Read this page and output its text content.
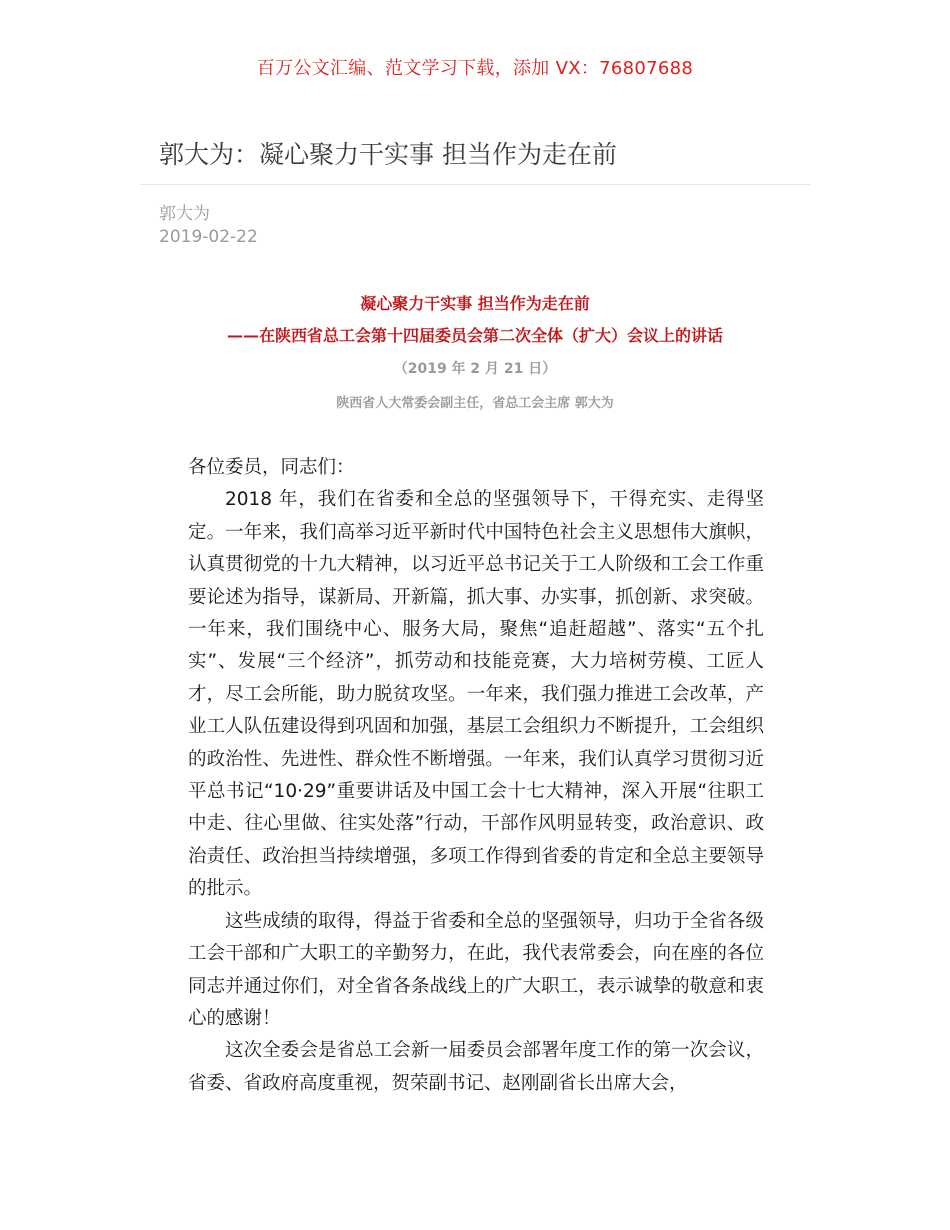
百万公文汇编、范文学习下载，添加 VX：76807688
郭大为：凝心聚力干实事 担当作为走在前
郭大为
2019-02-22
凝心聚力干实事 担当作为走在前
——在陕西省总工会第十四届委员会第二次全体（扩大）会议上的讲话
（2019 年 2 月 21 日）
陕西省人大常委会副主任，省总工会主席 郭大为

各位委员，同志们：

2018 年，我们在省委和全总的坚强领导下，干得充实、走得坚定。一年来，我们高举习近平新时代中国特色社会主义思想伟大旗帜，认真贯彻党的十九大精神，以习近平总书记关于工人阶级和工会工作重要论述为指导，谋新局、开新篇，抓大事、办实事，抓创新、求突破。一年来，我们围绕中心、服务大局，聚焦“追赶超越”、落实“五个扎实”、发展“三个经济”，抓劳动和技能竞赛，大力培树劳模、工匠人才，尽工会所能，助力脱贫攻坚。一年来，我们强力推进工会改革，产业工人队伍建设得到巩固和加强，基层工会组织力不断提升，工会组织的政治性、先进性、群众性不断增强。一年来，我们认真学习贯彻习近平总书记“10·29”重要讲话及中国工会十七大精神，深入开展“往职工中走、往心里做、往实处落”行动，干部作风明显转变，政治意识、政治责任、政治担当持续增强，多项工作得到省委的肯定和全总主要领导的批示。

这些成绩的取得，得益于省委和全总的坚强领导，归功于全省各级工会干部和广大职工的辛勤努力，在此，我代表常委会，向在座的各位同志并通过你们，对全省各条战线上的广大职工，表示诚挚的敬意和衷心的感谢！

这次全委会是省总工会新一届委员会部署年度工作的第一次会议，省委、省政府高度重视，贺荣副书记、赵刚副省长出席大会，
